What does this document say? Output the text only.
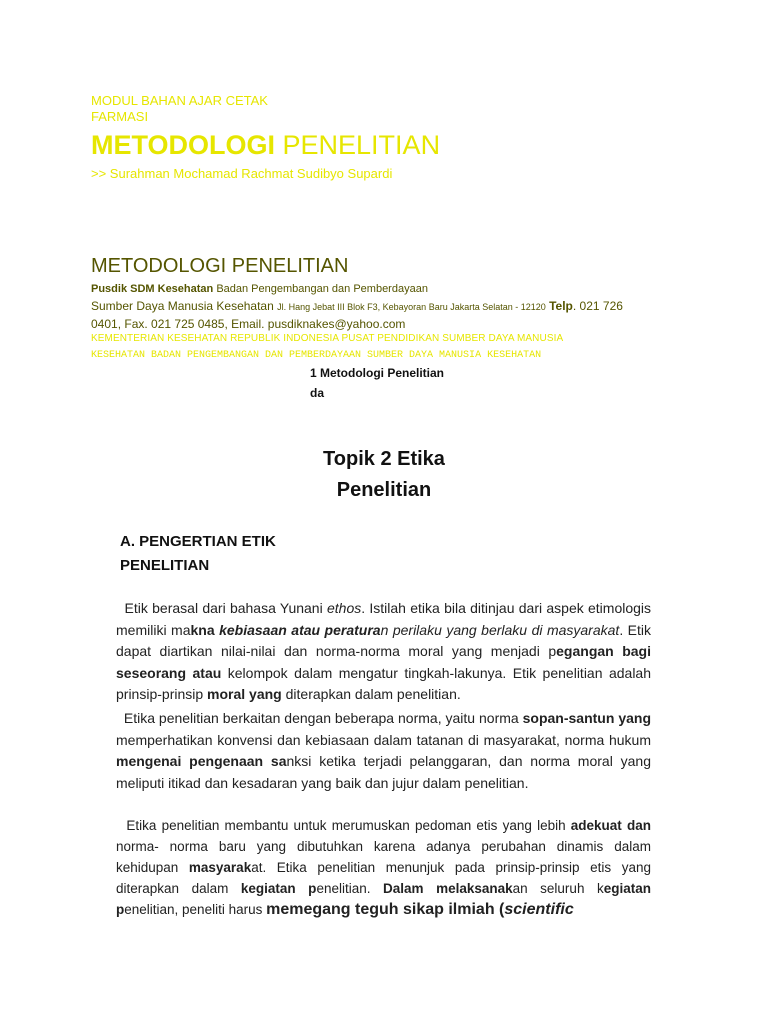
MODUL BAHAN AJAR CETAK
FARMASI
METODOLOGI PENELITIAN
>> Surahman Mochamad Rachmat Sudibyo Supardi
METODOLOGI PENELITIAN
Pusdik SDM Kesehatan Badan Pengembangan dan Pemberdayaan
Sumber Daya Manusia Kesehatan Jl. Hang Jebat III Blok F3, Kebayoran Baru Jakarta Selatan - 12120 Telp. 021 726
0401, Fax. 021 725 0485, Email. pusdiknakes@yahoo.com
KEMENTERIAN KESEHATAN REPUBLIK INDONESIA PUSAT PENDIDIKAN SUMBER DAYA MANUSIA
KESEHATAN BADAN PENGEMBANGAN DAN PEMBERDAYAAN SUMBER DAYA MANUSIA KESEHATAN
1 Metodologi Penelitian
da
Topik 2 Etika
Penelitian
A. PENGERTIAN ETIK PENELITIAN
Etik berasal dari bahasa Yunani ethos. Istilah etika bila ditinjau dari aspek etimologis memiliki makna kebiasaan atau peraturan perilaku yang berlaku di masyarakat. Etik dapat diartikan nilai-nilai dan norma-norma moral yang menjadi pegangan bagi seseorang atau kelompok dalam mengatur tingkah-lakunya. Etik penelitian adalah prinsip-prinsip moral yang diterapkan dalam penelitian.
Etika penelitian berkaitan dengan beberapa norma, yaitu norma sopan-santun yang memperhatikan konvensi dan kebiasaan dalam tatanan di masyarakat, norma hukum mengenai pengenaan sanksi ketika terjadi pelanggaran, dan norma moral yang meliputi itikad dan kesadaran yang baik dan jujur dalam penelitian.
Etika penelitian membantu untuk merumuskan pedoman etis yang lebih adekuat dan norma- norma baru yang dibutuhkan karena adanya perubahan dinamis dalam kehidupan masyarakat. Etika penelitian menunjuk pada prinsip-prinsip etis yang diterapkan dalam kegiatan penelitian. Dalam melaksanakan seluruh kegiatan penelitian, peneliti harus memegang teguh sikap ilmiah (scientific
